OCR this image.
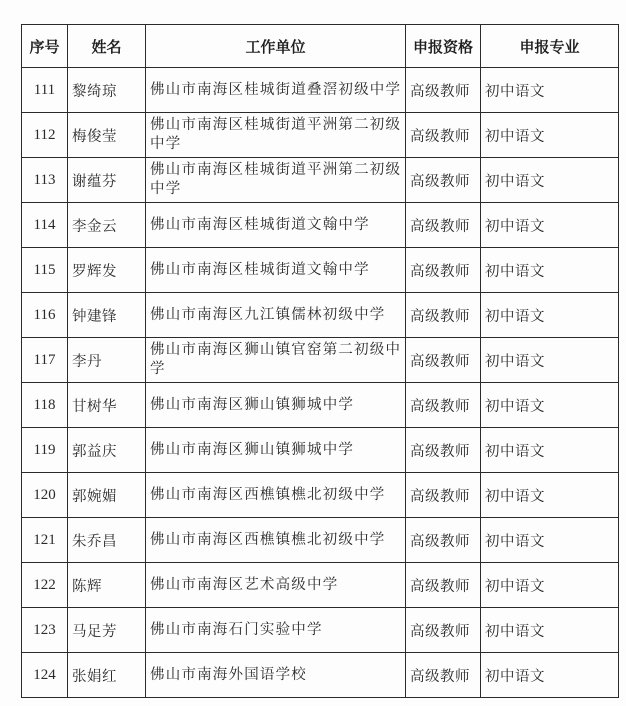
序号	姓名	工作单位	申报资格	申报专业
111	黎绮琼	佛山市南海区桂城街道叠滘初级中学	高级教师	初中语文
112	梅俊莹	佛山市南海区桂城街道平洲第二初级中学	高级教师	初中语文
113	谢蕴芬	佛山市南海区桂城街道平洲第二初级中学	高级教师	初中语文
114	李金云	佛山市南海区桂城街道文翰中学	高级教师	初中语文
115	罗辉发	佛山市南海区桂城街道文翰中学	高级教师	初中语文
116	钟建锋	佛山市南海区九江镇儒林初级中学	高级教师	初中语文
117	李丹	佛山市南海区狮山镇官窑第二初级中学	高级教师	初中语文
118	甘树华	佛山市南海区狮山镇狮城中学	高级教师	初中语文
119	郭益庆	佛山市南海区狮山镇狮城中学	高级教师	初中语文
120	郭婉媚	佛山市南海区西樵镇樵北初级中学	高级教师	初中语文
121	朱乔昌	佛山市南海区西樵镇樵北初级中学	高级教师	初中语文
122	陈辉	佛山市南海区艺术高级中学	高级教师	初中语文
123	马足芳	佛山市南海石门实验中学	高级教师	初中语文
124	张娟红	佛山市南海外国语学校	高级教师	初中语文
